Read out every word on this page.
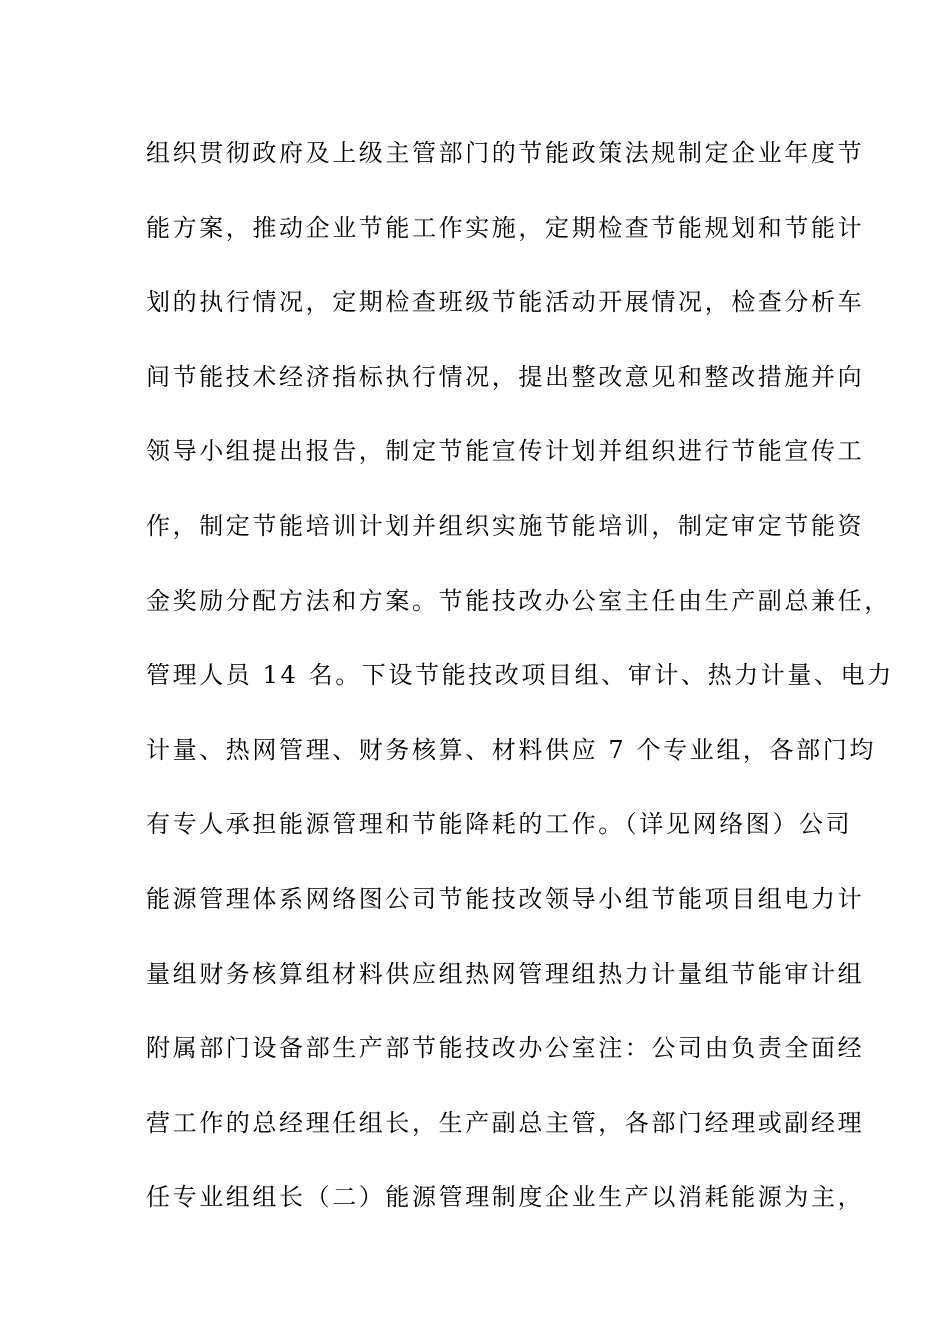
组织贯彻政府及上级主管部门的节能政策法规制定企业年度节
能方案，推动企业节能工作实施，定期检查节能规划和节能计
划的执行情况，定期检查班级节能活动开展情况，检查分析车
间节能技术经济指标执行情况，提出整改意见和整改措施并向
领导小组提出报告，制定节能宣传计划并组织进行节能宣传工
作，制定节能培训计划并组织实施节能培训，制定审定节能资
金奖励分配方法和方案。节能技改办公室主任由生产副总兼任，
管理人员 14 名。下设节能技改项目组、审计、热力计量、电力
计量、热网管理、财务核算、材料供应 7 个专业组，各部门均
有专人承担能源管理和节能降耗的工作。（详见网络图）公司
能源管理体系网络图公司节能技改领导小组节能项目组电力计
量组财务核算组材料供应组热网管理组热力计量组节能审计组
附属部门设备部生产部节能技改办公室注：公司由负责全面经
营工作的总经理任组长，生产副总主管，各部门经理或副经理
任专业组组长（二）能源管理制度企业生产以消耗能源为主，
